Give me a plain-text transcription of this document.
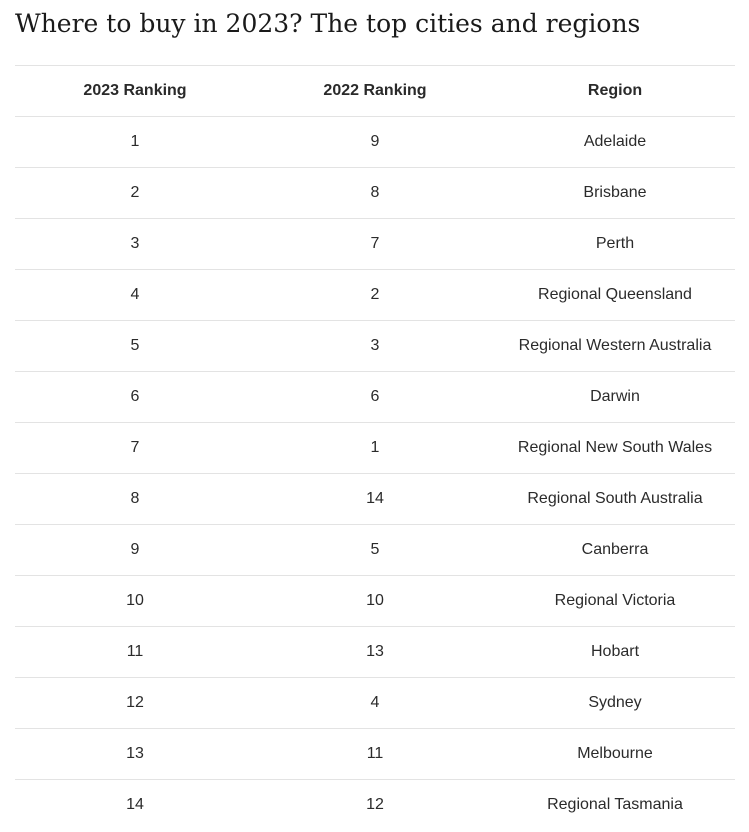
Where to buy in 2023? The top cities and regions
2023 Ranking	2022 Ranking	Region
1	9	Adelaide
2	8	Brisbane
3	7	Perth
4	2	Regional Queensland
5	3	Regional Western Australia
6	6	Darwin
7	1	Regional New South Wales
8	14	Regional South Australia
9	5	Canberra
10	10	Regional Victoria
11	13	Hobart
12	4	Sydney
13	11	Melbourne
14	12	Regional Tasmania
